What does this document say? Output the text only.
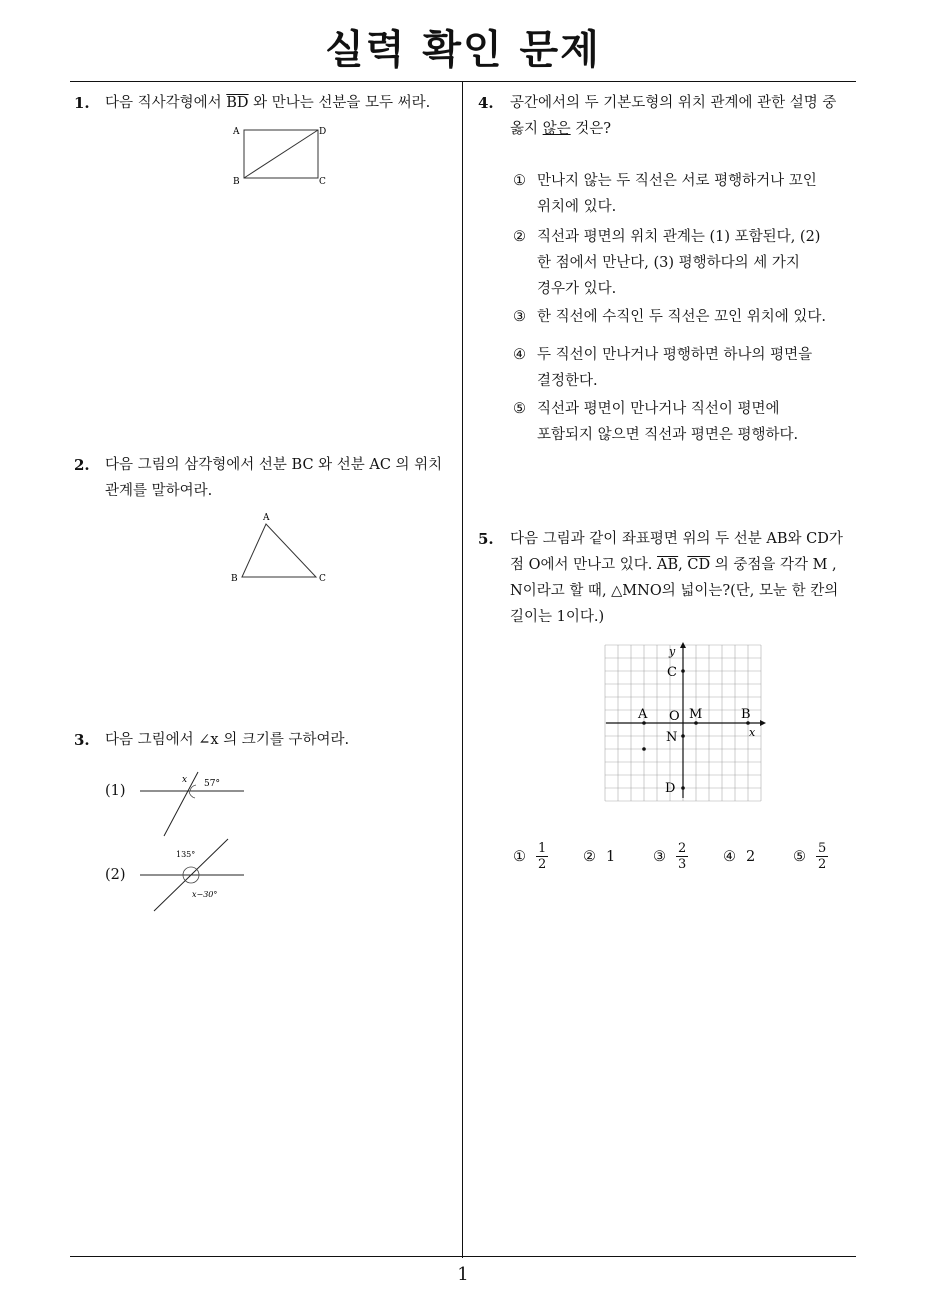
실력 확인 문제
1
1. 다음 직사각형에서 $\overline{BD}$ 와 만나는 선분을 모두 써라.
A	D
B	C
2. 다음 그림의 삼각형에서 선분 BC 와 선분 AC 의 위치
관계를 말하여라.
A
B	C
3. 다음 그림에서 ∠x 의 크기를 구하여라.
(1)
x 57°
(2)
135°
x−30°
4. 공간에서의 두 기본도형의 위치 관계에 관한 설명 중
옳지 않은 것은?
① 만나지 않는 두 직선은 서로 평행하거나 꼬인
위치에 있다.
② 직선과 평면의 위치 관계는 (1) 포함된다, (2)
한 점에서 만난다, (3) 평행하다의 세 가지
경우가 있다.
③ 한 직선에 수직인 두 직선은 꼬인 위치에 있다.
④ 두 직선이 만나거나 평행하면 하나의 평면을
결정한다.
⑤ 직선과 평면이 만나거나 직선이 평면에
포함되지 않으면 직선과 평면은 평행하다.
5. 다음 그림과 같이 좌표평면 위의 두 선분 AB와 CD가
점 O에서 만나고 있다. $\overline{AB}$, $\overline{CD}$ 의 중점을 각각 M ,
N이라고 할 때, △MNO의 넓이는?(단, 모눈 한 칸의
길이는 1이다.)
y
x
C
A O M	B
N
D
① $\frac{1}{2}$ ② 1	③ $\frac{2}{3}$ ④ 2	⑤ $\frac{5}{2}$
